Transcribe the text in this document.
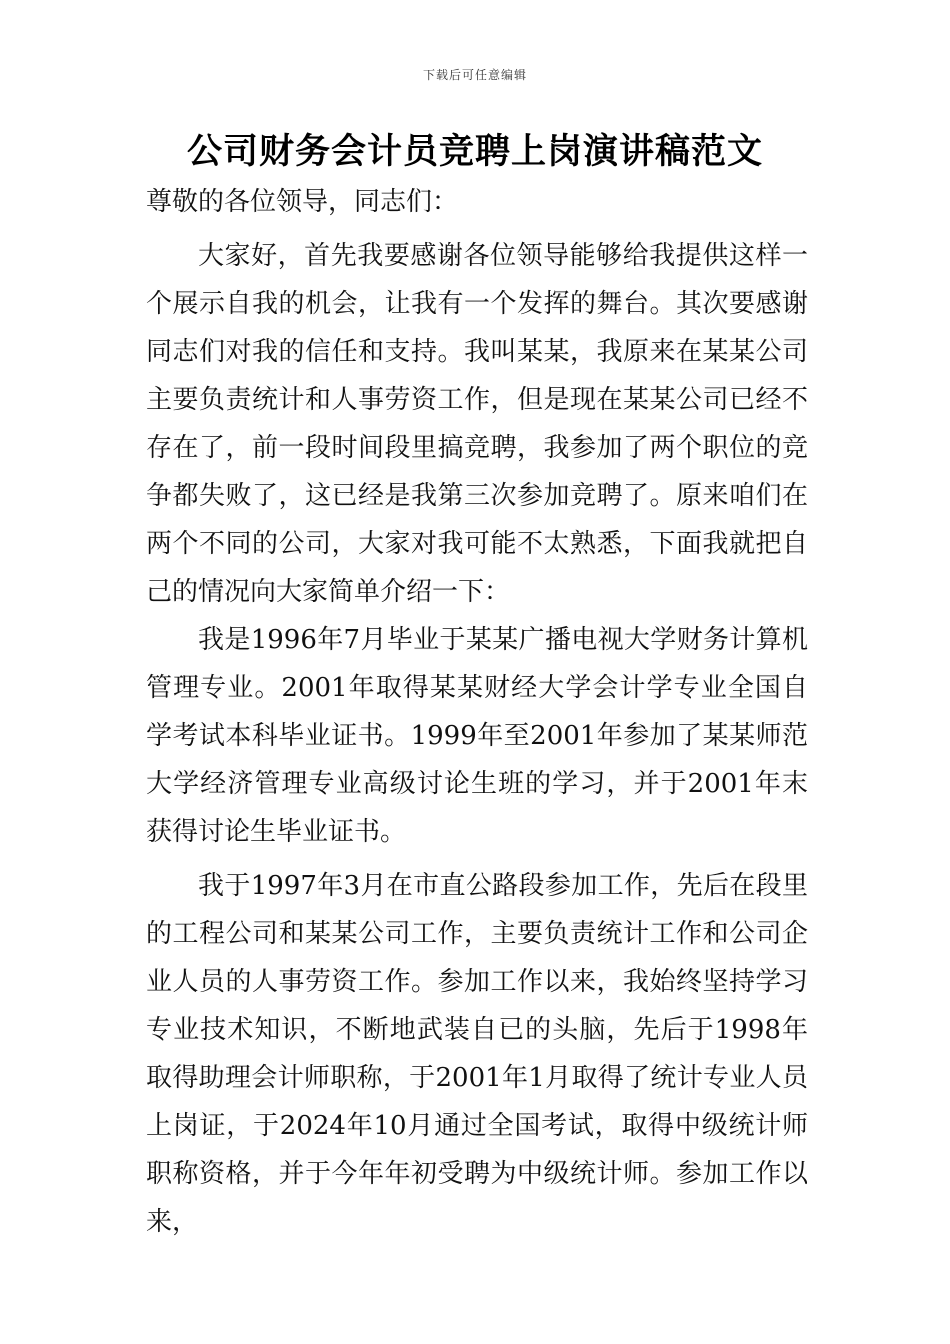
下载后可任意编辑
公司财务会计员竞聘上岗演讲稿范文

尊敬的各位领导，同志们：

大家好，首先我要感谢各位领导能够给我提供这样一个展示自我的机会，让我有一个发挥的舞台。其次要感谢同志们对我的信任和支持。我叫某某，我原来在某某公司主要负责统计和人事劳资工作，但是现在某某公司已经不存在了，前一段时间段里搞竞聘，我参加了两个职位的竞争都失败了，这已经是我第三次参加竞聘了。原来咱们在两个不同的公司，大家对我可能不太熟悉，下面我就把自己的情况向大家简单介绍一下：

我是1996年7月毕业于某某广播电视大学财务计算机管理专业。2001年取得某某财经大学会计学专业全国自学考试本科毕业证书。1999年至2001年参加了某某师范大学经济管理专业高级讨论生班的学习，并于2001年末获得讨论生毕业证书。

我于1997年3月在市直公路段参加工作，先后在段里的工程公司和某某公司工作，主要负责统计工作和公司企业人员的人事劳资工作。参加工作以来，我始终坚持学习专业技术知识，不断地武装自已的头脑，先后于1998年取得助理会计师职称，于2001年1月取得了统计专业人员上岗证，于2024年10月通过全国考试，取得中级统计师职称资格，并于今年年初受聘为中级统计师。参加工作以来，
